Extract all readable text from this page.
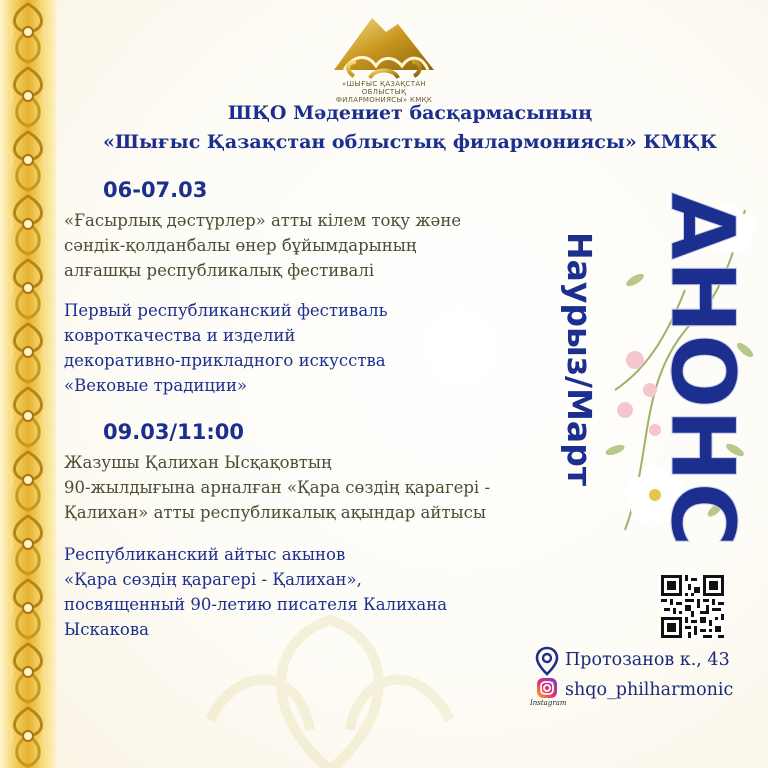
«ШЫҒЫС ҚАЗАҚСТАН ОБЛЫСТЫҚ
ФИЛАРМОНИЯСЫ» КМҚК
ШҚО Мәдениет басқармасының
«Шығыс Қазақстан облыстық филармониясы» КМҚК
06-07.03
«Ғасырлық дәстүрлер» атты кілем тоқу және
сәндік-қолданбалы өнер бұйымдарының
алғашқы республикалық фестивалі
Первый республиканский фестиваль
ковроткачества и изделий
декоративно-прикладного искусства
«Вековые традиции»
09.03/11:00
Жазушы Қалихан Ысқақовтың
90-жылдығына арналған «Қара сөздің қарагері -
Қалихан» атты республикалық ақындар айтысы
Республиканский айтыс акынов
«Қара сөздің қарагері - Қалихан»,
посвященный 90-летию писателя Калихана
Ыскакова
АНОНС
Наурыз/Март
Протозанов к., 43
Instagram
shqo_philharmonic
